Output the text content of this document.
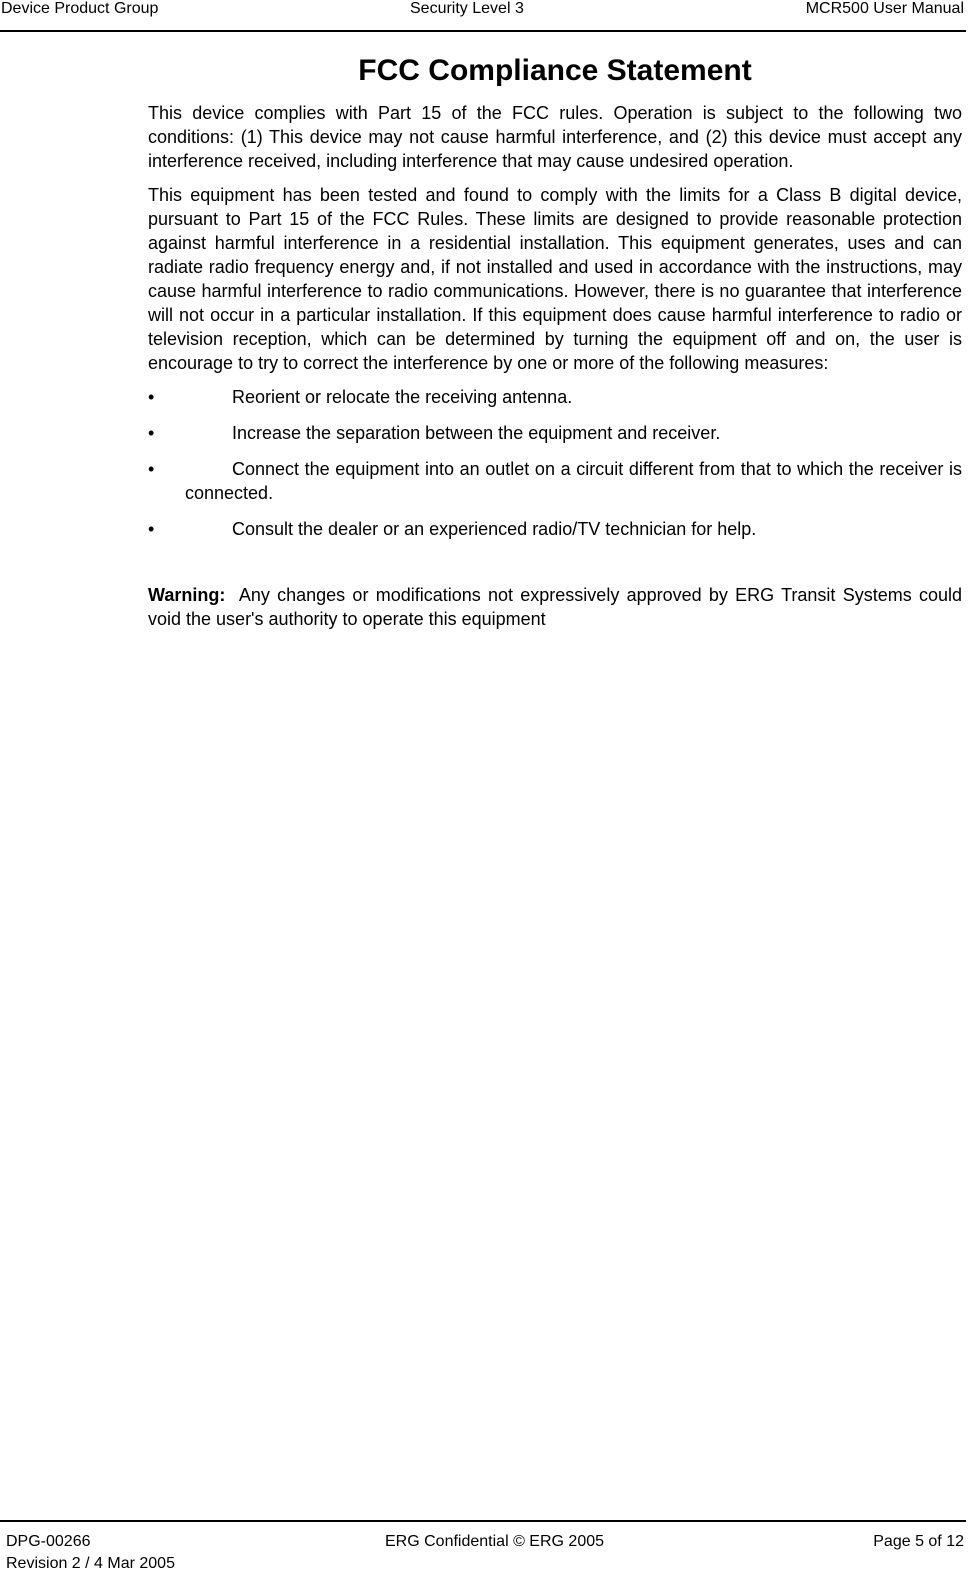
Device Product Group	Security Level 3	MCR500 User Manual
FCC Compliance Statement

This device complies with Part 15 of the FCC rules. Operation is subject to the following two conditions: (1) This device may not cause harmful interference, and (2) this device must accept any interference received, including interference that may cause undesired operation.

This equipment has been tested and found to comply with the limits for a Class B digital device, pursuant to Part 15 of the FCC Rules. These limits are designed to provide reasonable protection against harmful interference in a residential installation. This equipment generates, uses and can radiate radio frequency energy and, if not installed and used in accordance with the instructions, may cause harmful interference to radio communications. However, there is no guarantee that interference will not occur in a particular installation. If this equipment does cause harmful interference to radio or television reception, which can be determined by turning the equipment off and on, the user is encourage to try to correct the interference by one or more of the following measures:

•	Reorient or relocate the receiving antenna.
•	Increase the separation between the equipment and receiver.
•	Connect the equipment into an outlet on a circuit different from that to which the receiver is connected.
•	Consult the dealer or an experienced radio/TV technician for help.

Warning:  Any changes or modifications not expressively approved by ERG Transit Systems could void the user's authority to operate this equipment

DPG-00266
Revision 2 / 4 Mar 2005
ERG Confidential © ERG 2005	Page 5 of 12
